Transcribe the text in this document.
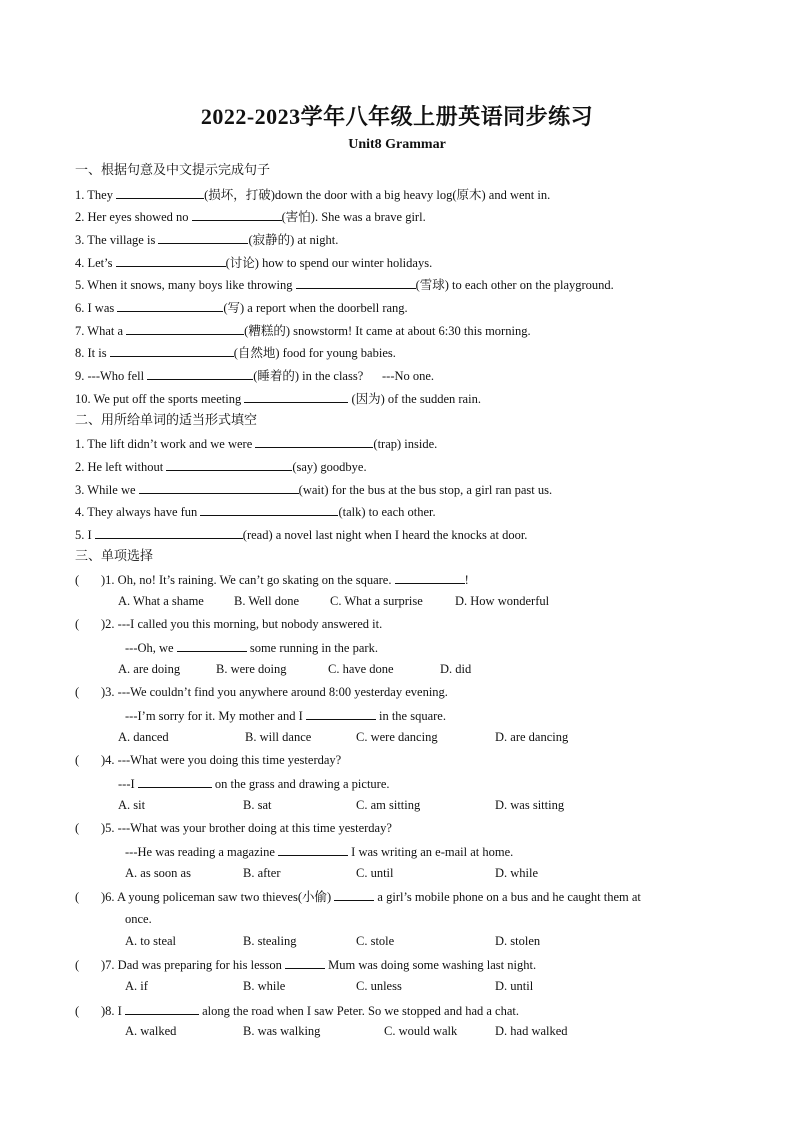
2022-2023学年八年级上册英语同步练习
Unit8 Grammar
一、根据句意及中文提示完成句子
1. They	(损坏，打破)down the door with a big heavy log(原木) and went in.
2. Her eyes showed no	(害怕). She was a brave girl.
3. The village is	(寂静的) at night.
4. Let’s	(讨论) how to spend our winter holidays.
5. When it snows, many boys like throwing	(雪球) to each other on the playground.
6. I was	(写) a report when the doorbell rang.
7. What a	(糟糕的) snowstorm! It came at about 6:30 this morning.
8. It is	(自然地) food for young babies.
9. ---Who fell	(睡着的) in the class?      ---No one.
10. We put off the sports meeting	(因为) of the sudden rain.
二、用所给单词的适当形式填空
1. The lift didn’t work and we were	(trap) inside.
2. He left without	(say) goodbye.
3. While we	(wait) for the bus at the bus stop, a girl ran past us.
4. They always have fun	(talk) to each other.
5. I	(read) a novel last night when I heard the knocks at door.
三、单项选择
( )1. Oh, no! It’s raining. We can’t go skating on the square.	!
A. What a shame B. Well done C. What a surprise	D. How wonderful
( )2. ---I called you this morning, but nobody answered it.
---Oh, we	some running in the park.
A. are doing	B. were doing	C. have done	D. did
( )3. ---We couldn’t find you anywhere around 8:00 yesterday evening.
---I’m sorry for it. My mother and I	in the square.
A. danced	B. will dance	C. were dancing	D. are dancing
( )4. ---What were you doing this time yesterday?
---I	on the grass and drawing a picture.
A. sit	B. sat	C. am sitting	D. was sitting
( )5. ---What was your brother doing at this time yesterday?
---He was reading a magazine	I was writing an e-mail at home.
A. as soon as	B. after	C. until	D. while
( )6. A young policeman saw two thieves(小偷)	a girl’s mobile phone on a bus and he caught them at
once.
A. to steal	B. stealing	C. stole	D. stolen
( )7. Dad was preparing for his lesson	Mum was doing some washing last night.
A. if	B. while	C. unless	D. until
( )8. I	along the road when I saw Peter. So we stopped and had a chat.
A. walked	B. was walking	C. would walk	D. had walked
